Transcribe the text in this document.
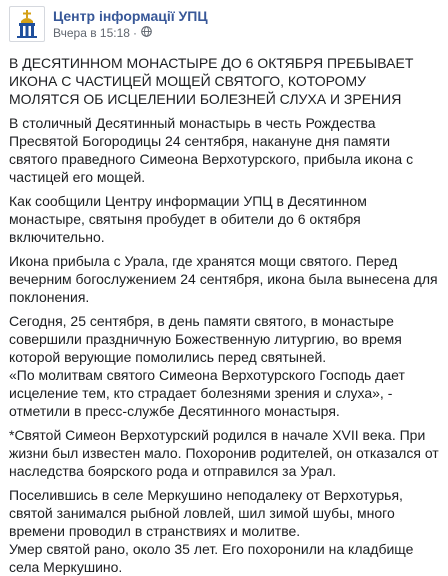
Центр інформації УПЦ
Вчера в 15:18 ·

В ДЕСЯТИННОМ МОНАСТЫРЕ ДО 6 ОКТЯБРЯ ПРЕБЫВАЕТ ИКОНА С ЧАСТИЦЕЙ МОЩЕЙ СВЯТОГО, КОТОРОМУ МОЛЯТСЯ ОБ ИСЦЕЛЕНИИ БОЛЕЗНЕЙ СЛУХА И ЗРЕНИЯ

В столичный Десятинный монастырь в честь Рождества Пресвятой Богородицы 24 сентября, накануне дня памяти святого праведного Симеона Верхотурского, прибыла икона с частицей его мощей.

Как сообщили Центру информации УПЦ в Десятинном монастыре, святыня пробудет в обители до 6 октября включительно.

Икона прибыла с Урала, где хранятся мощи святого. Перед вечерним богослужением 24 сентября, икона была вынесена для поклонения.

Сегодня, 25 сентября, в день памяти святого, в монастыре совершили праздничную Божественную литургию, во время которой верующие помолились перед святыней.

«По молитвам святого Симеона Верхотурского Господь дает исцеление тем, кто страдает болезнями зрения и слуха», - отметили в пресс-службе Десятинного монастыря.

*Святой Симеон Верхотурский родился в начале XVII века. При жизни был известен мало. Похоронив родителей, он отказался от наследства боярского рода и отправился за Урал.

Поселившись в селе Меркушино неподалеку от Верхотурья, святой занимался рыбной ловлей, шил зимой шубы, много времени проводил в странствиях и молитве.

Умер святой рано, около 35 лет. Его похоронили на кладбище села Меркушино.
